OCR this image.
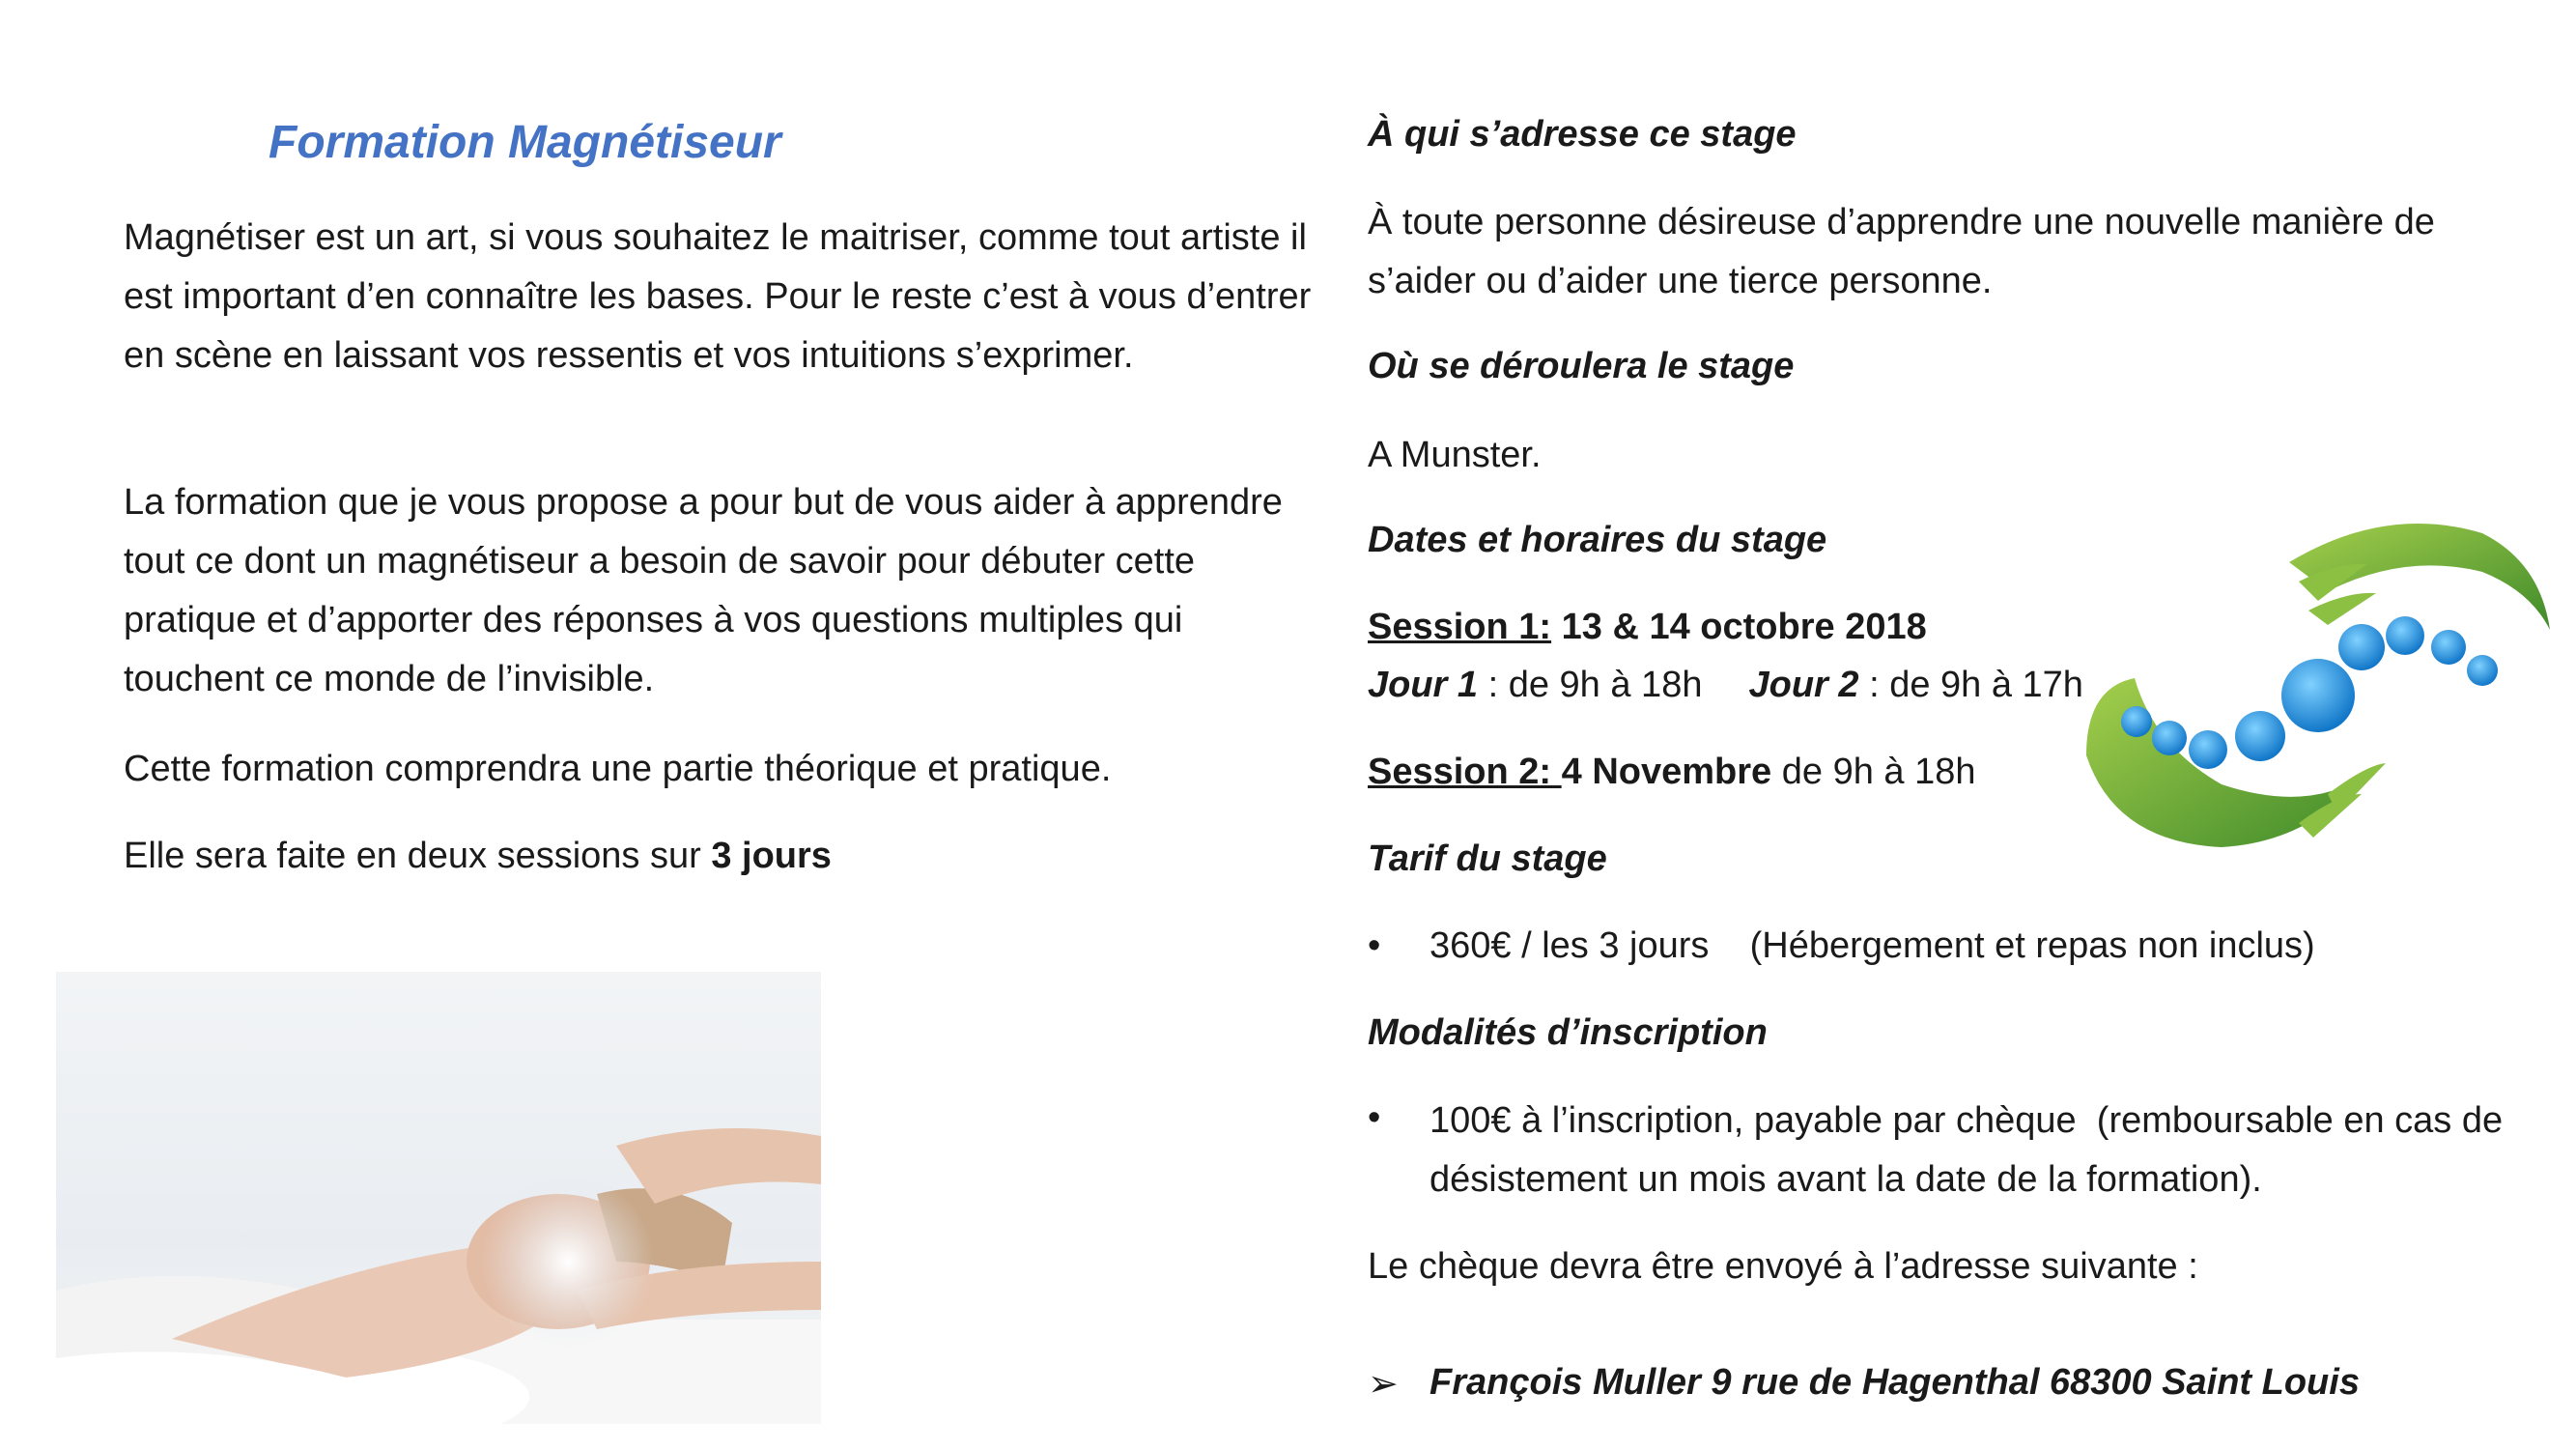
Formation Magnétiseur

Magnétiser est un art, si vous souhaitez le maitriser, comme tout artiste il est important d’en connaître les bases. Pour le reste c’est à vous d’entrer en scène en laissant vos ressentis et vos intuitions s’exprimer.

La formation que je vous propose a pour but de vous aider à apprendre tout ce dont un magnétiseur a besoin de savoir pour débuter cette pratique et d’apporter des réponses à vos questions multiples qui touchent ce monde de l’invisible.

Cette formation comprendra une partie théorique et pratique.

Elle sera faite en deux sessions sur 3 jours

À qui s’adresse ce stage

À toute personne désireuse d’apprendre une nouvelle manière de s’aider ou d’aider une tierce personne.

Où se déroulera le stage

A Munster.

Dates et horaires du stage

Session 1: 13 & 14 octobre 2018

Jour 1 : de 9h à 18h Jour 2 : de 9h à 17h

Session 2: 4 Novembre de 9h à 18h

Tarif du stage

• 360€ / les 3 jours    (Hébergement et repas non inclus)

Modalités d’inscription

• 100€ à l’inscription, payable par chèque  (remboursable en cas de désistement un mois avant la date de la formation).

Le chèque devra être envoyé à l’adresse suivante :

➢ François Muller 9 rue de Hagenthal 68300 Saint Louis
